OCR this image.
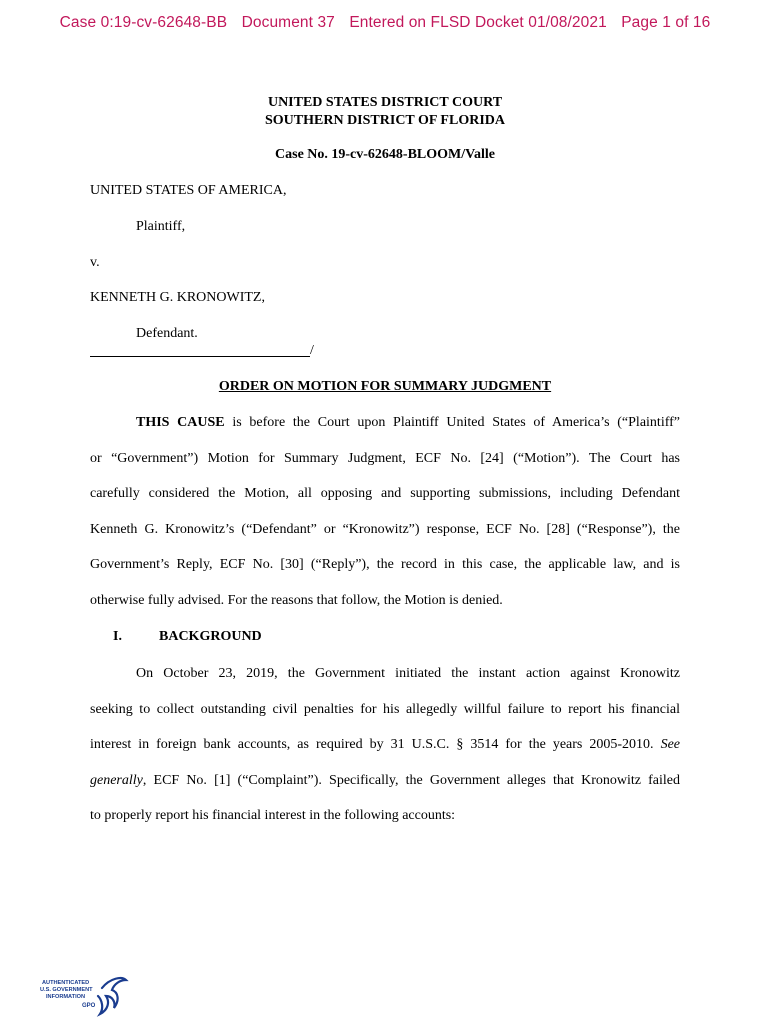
Case 0:19-cv-62648-BB Document 37 Entered on FLSD Docket 01/08/2021 Page 1 of 16
UNITED STATES DISTRICT COURT
SOUTHERN DISTRICT OF FLORIDA
Case No. 19-cv-62648-BLOOM/Valle
UNITED STATES OF AMERICA,
Plaintiff,
v.
KENNETH G. KRONOWITZ,
Defendant.
/
ORDER ON MOTION FOR SUMMARY JUDGMENT
THIS CAUSE is before the Court upon Plaintiff United States of America’s (“Plaintiff”
or “Government”) Motion for Summary Judgment, ECF No. [24] (“Motion”). The Court has
carefully considered the Motion, all opposing and supporting submissions, including Defendant
Kenneth G. Kronowitz’s (“Defendant” or “Kronowitz”) response, ECF No. [28] (“Response”), the
Government’s Reply, ECF No. [30] (“Reply”), the record in this case, the applicable law, and is
otherwise fully advised. For the reasons that follow, the Motion is denied.
I.	BACKGROUND
On October 23, 2019, the Government initiated the instant action against Kronowitz
seeking to collect outstanding civil penalties for his allegedly willful failure to report his financial
interest in foreign bank accounts, as required by 31 U.S.C. § 3514 for the years 2005-2010. See
generally, ECF No. [1] (“Complaint”). Specifically, the Government alleges that Kronowitz failed
to properly report his financial interest in the following accounts:
AUTHENTICATED
U.S. GOVERNMENT
INFORMATION
GPO
